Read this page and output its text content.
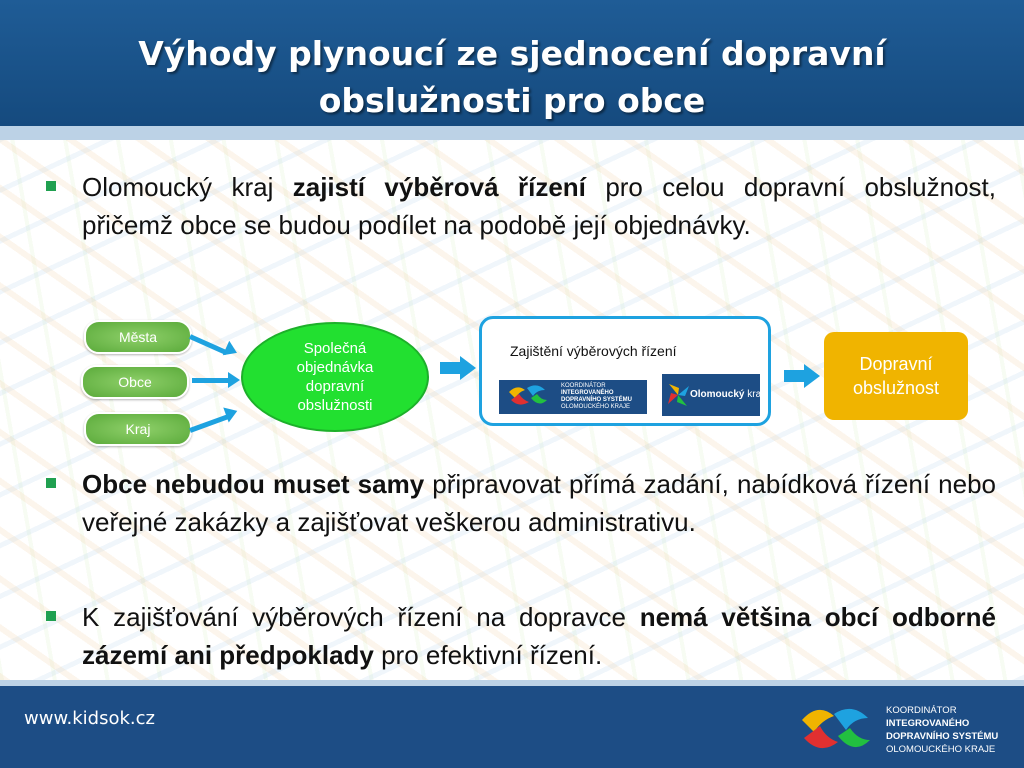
Výhody plynoucí ze sjednocení dopravní
obslužnosti pro obce
Olomoucký kraj zajistí výběrová řízení pro celou dopravní obslužnost, přičemž obce se budou podílet na podobě její objednávky.
Města
Obce
Kraj
Společná
objednávka
dopravní
obslužnosti
Zajištění výběrových řízení
KOORDINÁTOR
INTEGROVANÉHO
DOPRAVNÍHO SYSTÉMU
OLOMOUCKÉHO KRAJE
Olomoucký kraj
Dopravní
obslužnost
Obce nebudou muset samy připravovat přímá zadání, nabídková řízení nebo veřejné zakázky a zajišťovat veškerou administrativu.
K zajišťování výběrových řízení na dopravce nemá většina obcí odborné zázemí ani předpoklady pro efektivní řízení.
www.kidsok.cz	KOORDINÁTOR
INTEGROVANÉHO
DOPRAVNÍHO SYSTÉMU
OLOMOUCKÉHO KRAJE
